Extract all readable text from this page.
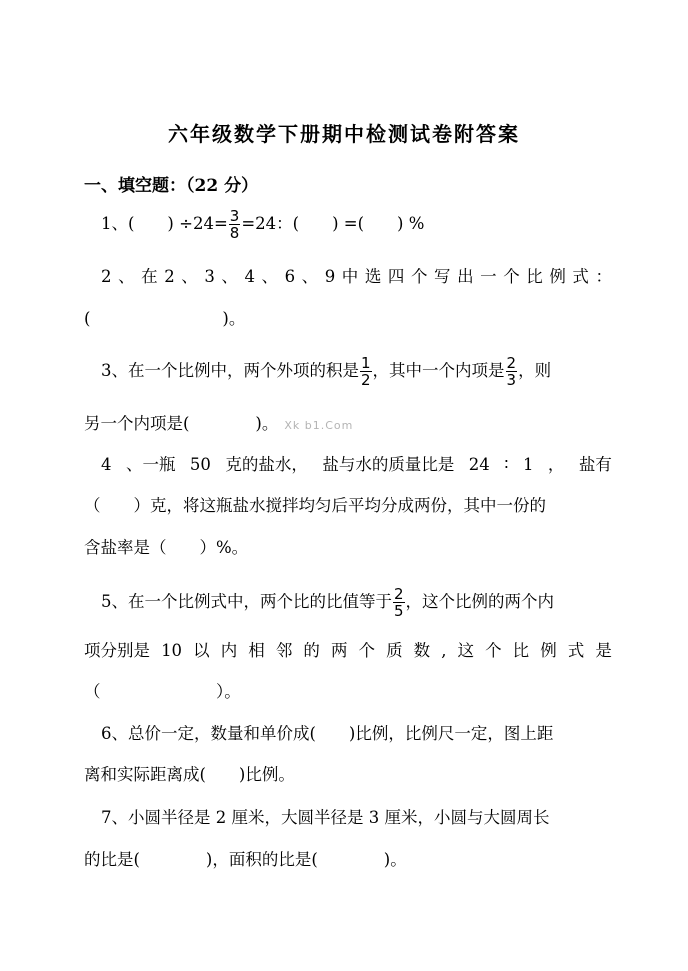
六年级数学下册期中检测试卷附答案
一、填空题：（22 分）
1、(　　) $\div 24= \frac{3}{8} =24$：(　　) =(　　) %
2 、 在 2 、 3 、 4 、 6 、 9 中 选 四 个 写 出 一 个 比 例 式 ：
(　　　　　　　　)。
3、在一个比例中，两个外项的积是 $\frac{1}{2}$ ，其中一个内项是 $\frac{2}{3}$ ，则
另一个内项是(　　　　)。 Xk b1.Com
4 、一瓶 50 克的盐水， 盐与水的质量比是 24 ∶ 1 ， 盐有
（　　）克，将这瓶盐水搅拌均匀后平均分成两份，其中一份的
含盐率是（　　）%。
5、在一个比例式中，两个比的比值等于 $\frac{2}{5}$ ，这个比例的两个内
项分别是 10 以 内 相 邻 的 两 个 质 数 , 这 个 比 例 式 是
（　　　　　　　）。
6、总价一定，数量和单价成(　　)比例，比例尺一定，图上距
离和实际距离成(　　)比例。
7、小圆半径是 2 厘米，大圆半径是 3 厘米，小圆与大圆周长
的比是(　　　　)，面积的比是(　　　　)。
